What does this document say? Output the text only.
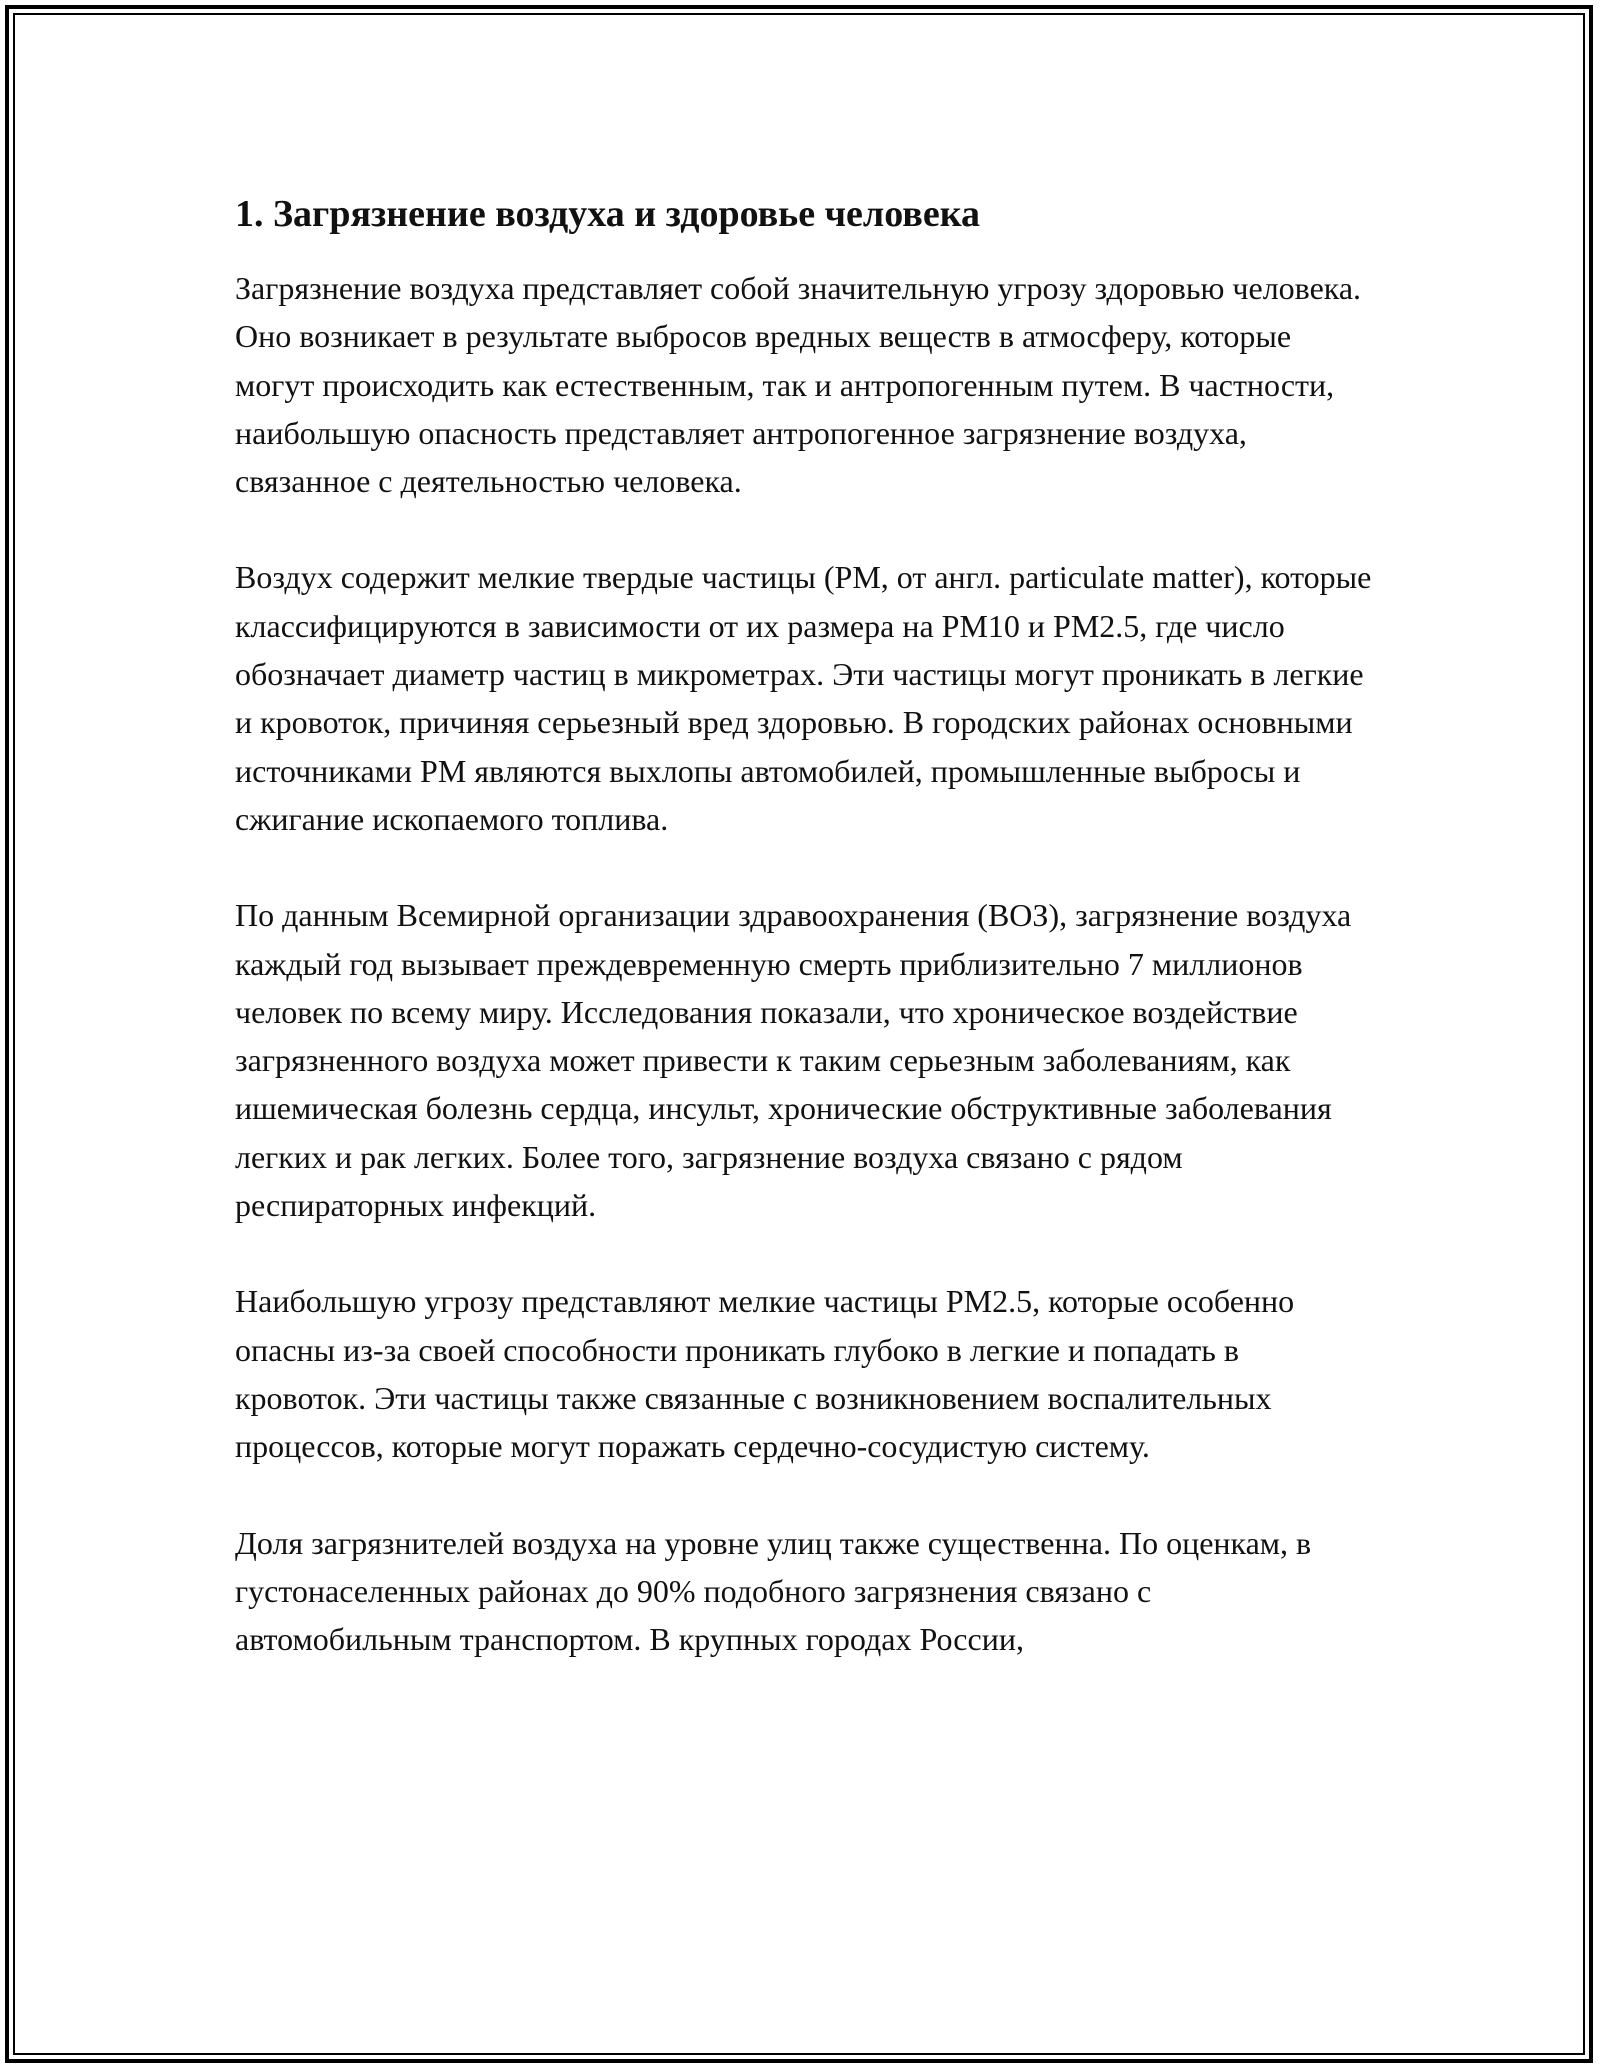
1. Загрязнение воздуха и здоровье человека

Загрязнение воздуха представляет собой значительную угрозу здоровью человека. Оно возникает в результате выбросов вредных веществ в атмосферу, которые могут происходить как естественным, так и антропогенным путем. В частности, наибольшую опасность представляет антропогенное загрязнение воздуха, связанное с деятельностью человека.

Воздух содержит мелкие твердые частицы (PM, от англ. particulate matter), которые классифицируются в зависимости от их размера на PM10 и PM2.5, где число обозначает диаметр частиц в микрометрах. Эти частицы могут проникать в легкие и кровоток, причиняя серьезный вред здоровью. В городских районах основными источниками PM являются выхлопы автомобилей, промышленные выбросы и сжигание ископаемого топлива.

По данным Всемирной организации здравоохранения (ВОЗ), загрязнение воздуха каждый год вызывает преждевременную смерть приблизительно 7 миллионов человек по всему миру. Исследования показали, что хроническое воздействие загрязненного воздуха может привести к таким серьезным заболеваниям, как ишемическая болезнь сердца, инсульт, хронические обструктивные заболевания легких и рак легких. Более того, загрязнение воздуха связано с рядом респираторных инфекций.

Наибольшую угрозу представляют мелкие частицы PM2.5, которые особенно опасны из-за своей способности проникать глубоко в легкие и попадать в кровоток. Эти частицы также связанные с возникновением воспалительных процессов, которые могут поражать сердечно-сосудистую систему.

Доля загрязнителей воздуха на уровне улиц также существенна. По оценкам, в густонаселенных районах до 90% подобного загрязнения связано с автомобильным транспортом. В крупных городах России,
